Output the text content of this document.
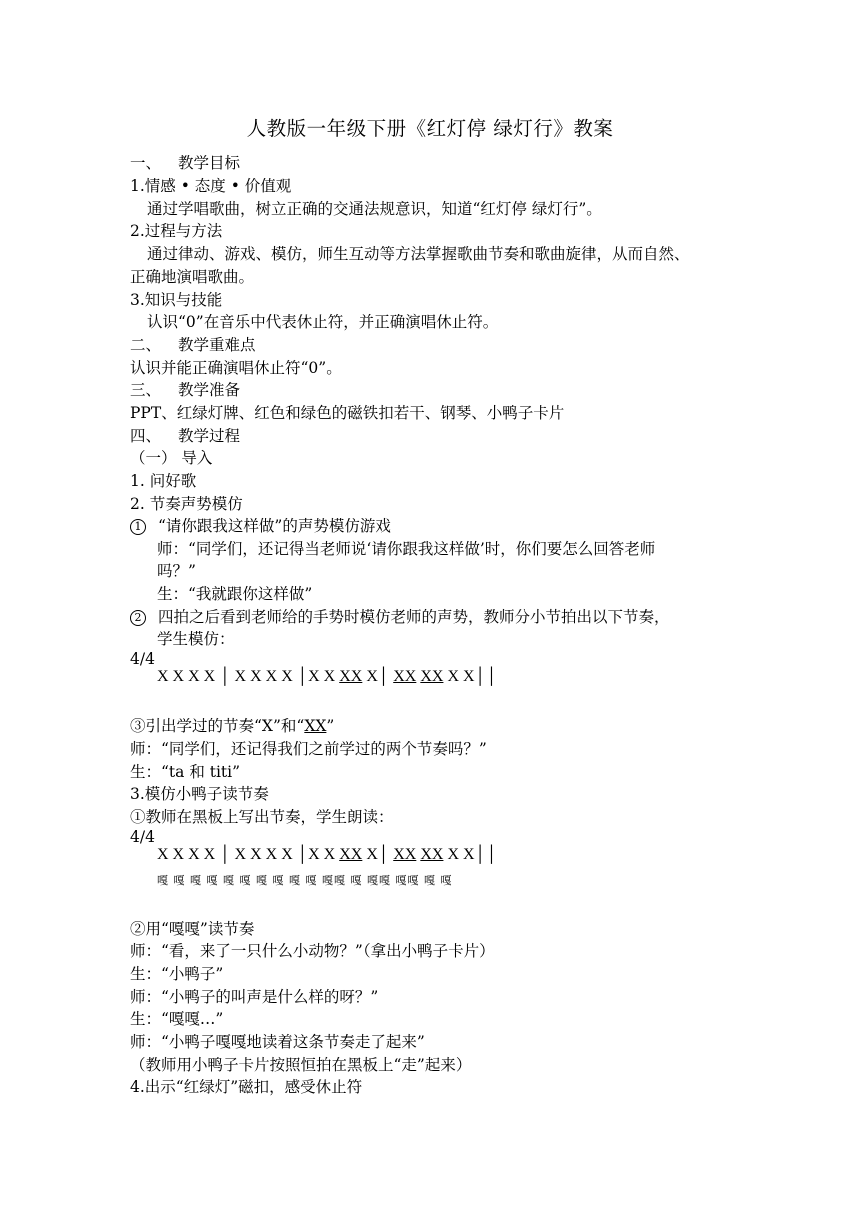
人教版一年级下册《红灯停 绿灯行》教案
一、 教学目标
1.情感 • 态度 • 价值观
通过学唱歌曲，树立正确的交通法规意识，知道“红灯停 绿灯行”。
2.过程与方法
通过律动、游戏、模仿，师生互动等方法掌握歌曲节奏和歌曲旋律，从而自然、
正确地演唱歌曲。
3.知识与技能
认识“0”在音乐中代表休止符，并正确演唱休止符。
二、 教学重难点
认识并能正确演唱休止符“0”。
三、 教学准备
PPT、红绿灯牌、红色和绿色的磁铁扣若干、钢琴、小鸭子卡片
四、 教学过程
（一） 导入
1. 问好歌
2. 节奏声势模仿
1 “请你跟我这样做”的声势模仿游戏
师：“同学们，还记得当老师说‘请你跟我这样做’时，你们要怎么回答老师
吗？”
生：“我就跟你这样做”
2 四拍之后看到老师给的手势时模仿老师的声势，教师分小节拍出以下节奏，
学生模仿：
4/4
X X X X │ X X X X │X X XX X│ XX XX X X││
③引出学过的节奏“X”和“XX”
师：“同学们，还记得我们之前学过的两个节奏吗？”
生：“ta 和 titi”
3.模仿小鸭子读节奏
①教师在黑板上写出节奏，学生朗读：
4/4
X X X X │ X X X X │X X XX X│ XX XX X X││
嘎 嘎 嘎 嘎 嘎 嘎 嘎 嘎 嘎 嘎 嘎嘎 嘎 嘎嘎 嘎嘎 嘎 嘎
②用“嘎嘎”读节奏
师：“看，来了一只什么小动物？”（拿出小鸭子卡片）
生：“小鸭子”
师：“小鸭子的叫声是什么样的呀？”
生：“嘎嘎…”
师：“小鸭子嘎嘎地读着这条节奏走了起来”
（教师用小鸭子卡片按照恒拍在黑板上“走”起来）
4.出示“红绿灯”磁扣，感受休止符
